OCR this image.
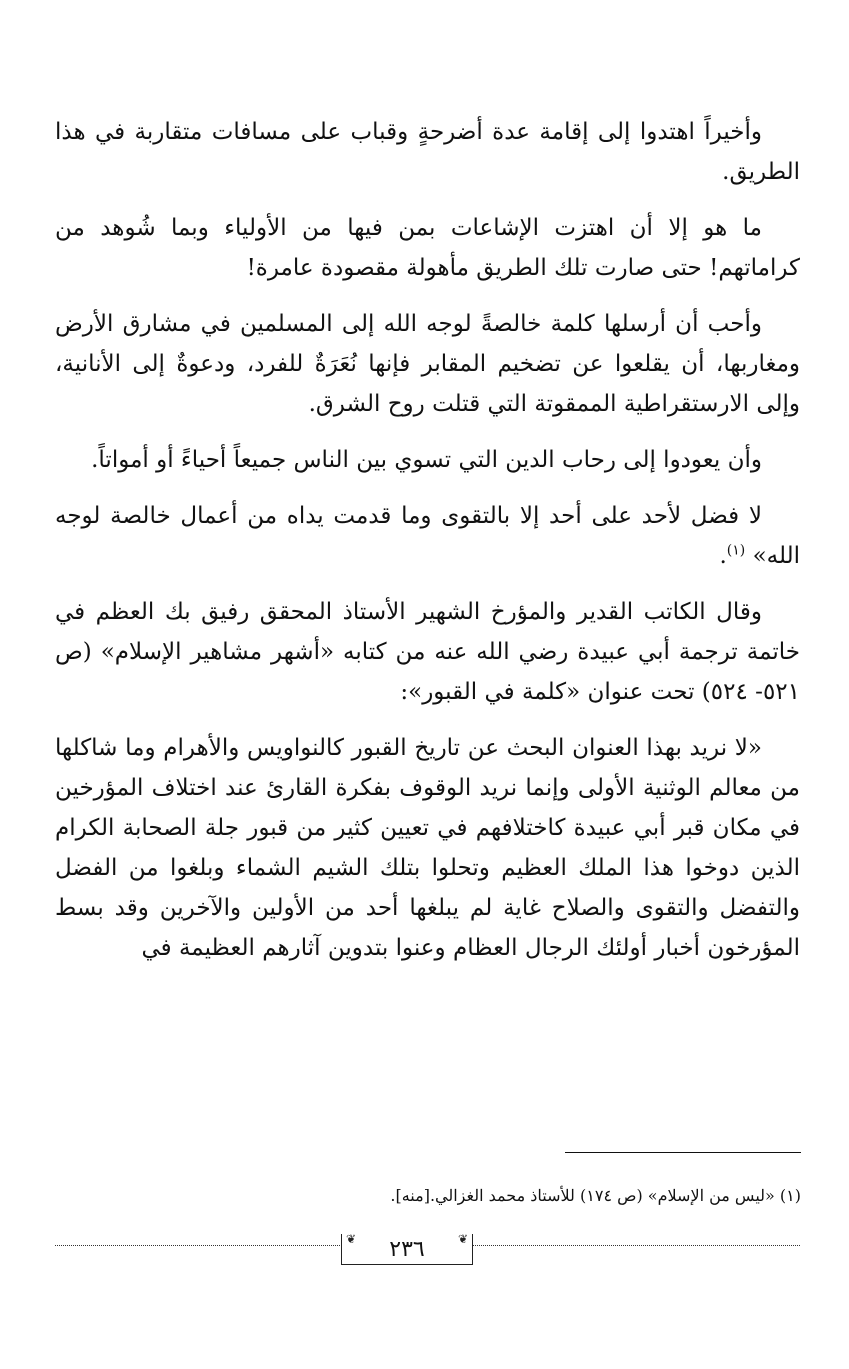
وأخيراً اهتدوا إلى إقامة عدة أضرحةٍ وقباب على مسافات متقاربة في هذا الطريق.

ما هو إلا أن اهتزت الإشاعات بمن فيها من الأولياء وبما شُوهد من كراماتهم! حتى صارت تلك الطريق مأهولة مقصودة عامرة!

وأحب أن أرسلها كلمة خالصةً لوجه الله إلى المسلمين في مشارق الأرض ومغاربها، أن يقلعوا عن تضخيم المقابر فإنها نُعَرَةٌ للفرد، ودعوةٌ إلى الأنانية، وإلى الارستقراطية الممقوتة التي قتلت روح الشرق.

وأن يعودوا إلى رحاب الدين التي تسوي بين الناس جميعاً أحياءً أو أمواتاً.

لا فضل لأحد على أحد إلا بالتقوى وما قدمت يداه من أعمال خالصة لوجه الله» $^{(١)}$.

وقال الكاتب القدير والمؤرخ الشهير الأستاذ المحقق رفيق بك العظم في خاتمة ترجمة أبي عبيدة رضي الله عنه من كتابه «أشهر مشاهير الإسلام» (ص ٥٢١- ٥٢٤) تحت عنوان «كلمة في القبور»:

«لا نريد بهذا العنوان البحث عن تاريخ القبور كالنواويس والأهرام وما شاكلها من معالم الوثنية الأولى وإنما نريد الوقوف بفكرة القارئ عند اختلاف المؤرخين في مكان قبر أبي عبيدة كاختلافهم في تعيين كثير من قبور جلة الصحابة الكرام الذين دوخوا هذا الملك العظيم وتحلوا بتلك الشيم الشماء وبلغوا من الفضل والتفضل والتقوى والصلاح غاية لم يبلغها أحد من الأولين والآخرين وقد بسط المؤرخون أخبار أولئك الرجال العظام وعنوا بتدوين آثارهم العظيمة في

(١) «ليس من الإسلام» (ص ١٧٤) للأستاذ محمد الغزالي.[منه].
❦	❦
٢٣٦
